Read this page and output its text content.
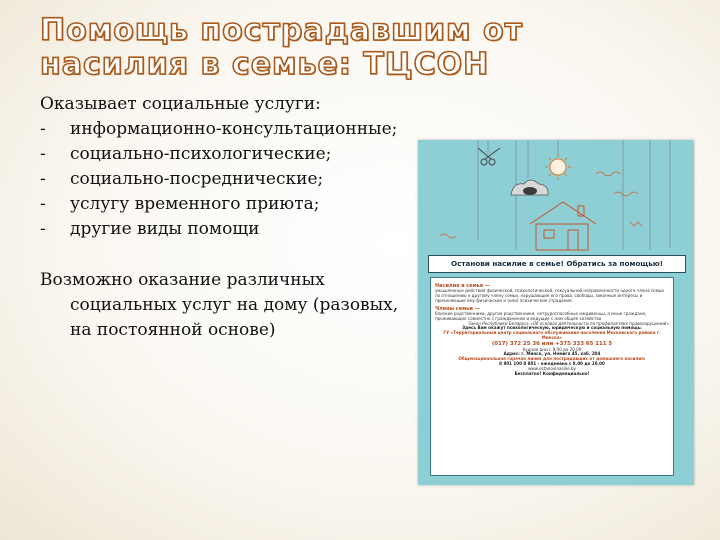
Помощь пострадавшим от насилия в семье: ТЦСОН

Оказывает социальные услуги:

- информационно-консультационные;
- социально-психологические;
- социально-посреднические;
- услугу временного приюта;
- другие виды помощи

Возможно оказание различных социальных услуг на дому (разовых, на постоянной основе)

Останови насилие в семье! Обратись за помощью!
Насилие в семье —
умышленные действия физической, психологической, сексуальной направленности одного члена семьи по отношению к другому члену семьи, нарушающие его права, свободы, законные интересы и причиняющие ему физические и (или) психические страдания.
Члены семьи —
близкие родственники, другие родственники, нетрудоспособные иждивенцы, а иные граждане, проживающие совместно с гражданином и ведущие с ним общее хозяйство
Закон Республики Беларусь «Об основах деятельности по профилактике правонарушений»
Здесь Вам окажут психологическую, юридическую и социальную помощь:
ГУ «Территориальный центр социального обслуживания населения Московского района г. Минска»
(017) 372 25 36 или +375 333 65 111 5
будние дни с 9.00 до 20.00
Адрес: г. Минск, ул. Немига 45, каб. 204
Общенациональная горячая линия для пострадавших от домашнего насилия:
8 801 100 8 801 - ежедневно с 8.00 до 20.00
www.ostanovinasilie.by
Бесплатно! Конфиденциально!
